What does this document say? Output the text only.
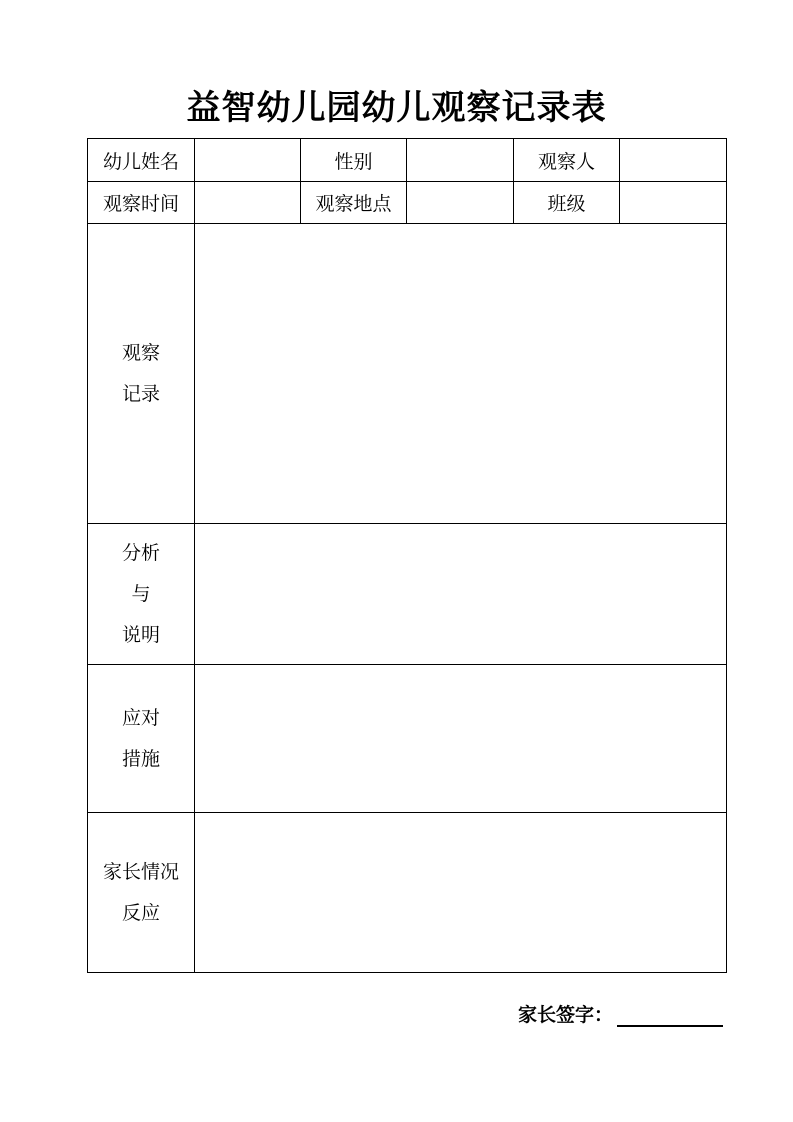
益智幼儿园幼儿观察记录表
幼儿姓名		性别		观察人	
观察时间		观察地点		班级	

观察
记录					

分析
与
说明					

应对
措施					

家长情况
反应					

家长签字：
